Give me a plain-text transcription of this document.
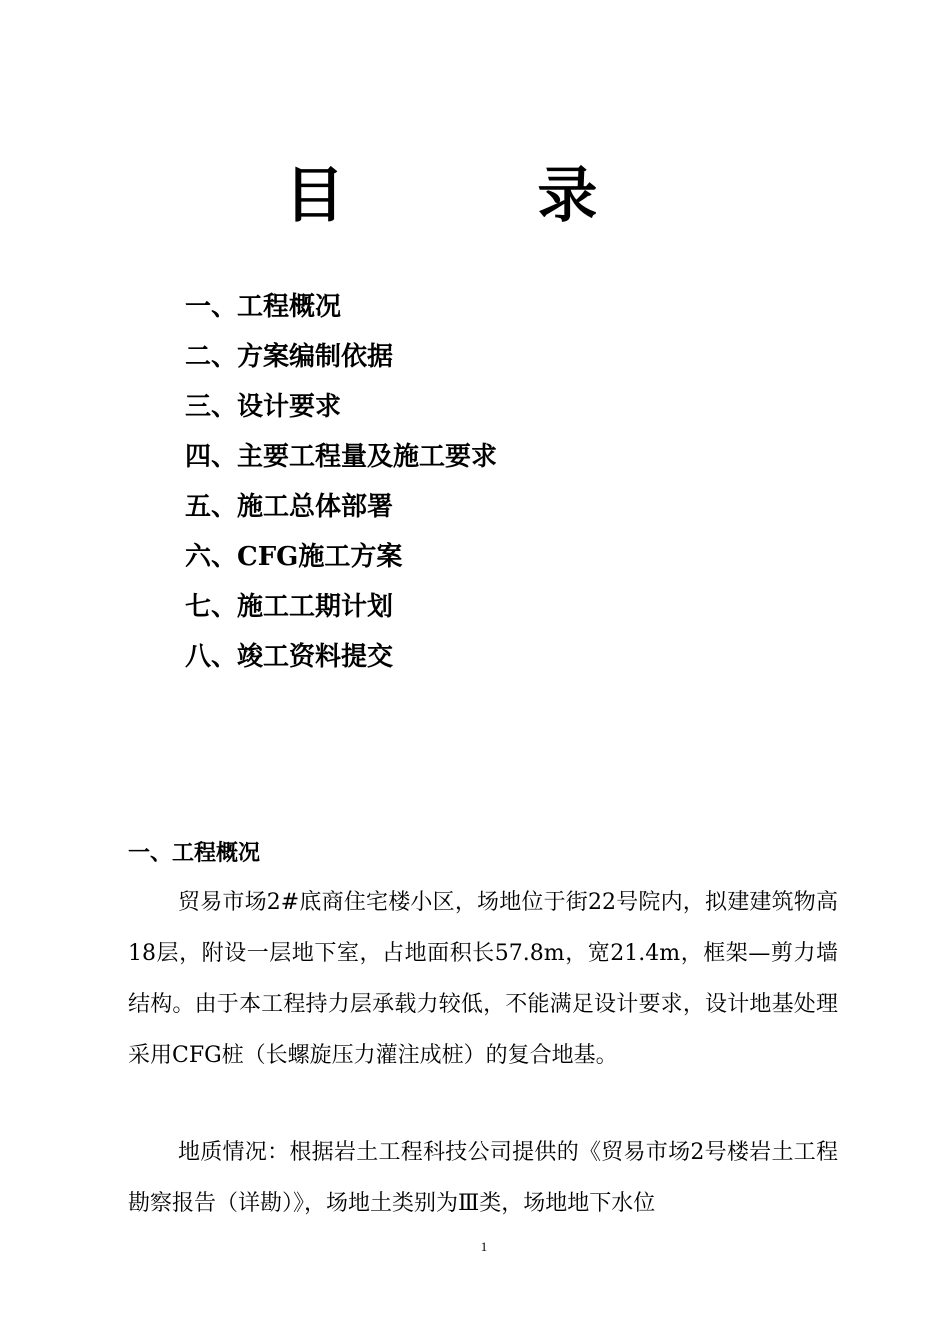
目 录
一、工程概况
二、方案编制依据
三、设计要求
四、主要工程量及施工要求
五、施工总体部署
六、CFG施工方案
七、施工工期计划
八、竣工资料提交
一、工程概况

贸易市场2#底商住宅楼小区，场地位于街22号院内，拟建建筑物高18层，附设一层地下室，占地面积长57.8m，宽21.4m，框架—剪力墙结构。由于本工程持力层承载力较低，不能满足设计要求，设计地基处理采用CFG桩（长螺旋压力灌注成桩）的复合地基。

地质情况：根据岩土工程科技公司提供的《贸易市场2号楼岩土工程勘察报告（详勘）》，场地土类别为Ⅲ类，场地地下水位

1
